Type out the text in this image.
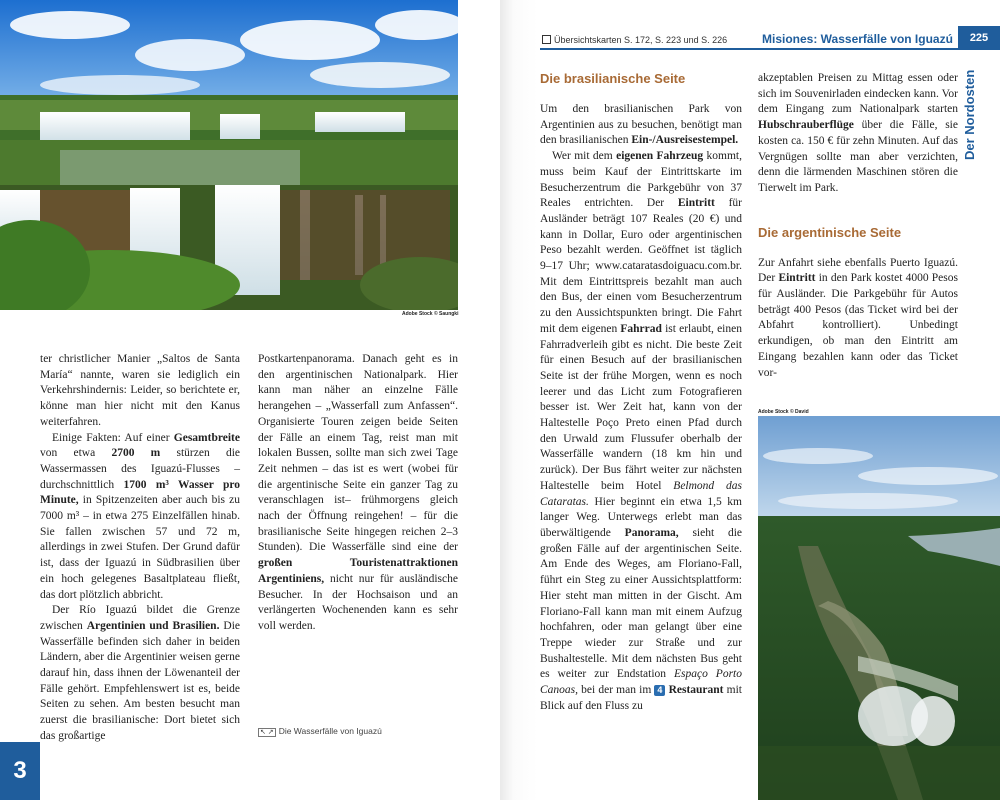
Adobe Stock © Saungki

ter christlicher Manier „Saltos de Santa María“ nannte, waren sie lediglich ein Verkehrshindernis: Leider, so berichtete er, könne man hier nicht mit den Kanus weiterfahren.

Einige Fakten: Auf einer Gesamtbreite von etwa 2700 m stürzen die Wassermassen des Iguazú-Flusses – durchschnittlich 1700 m³ Wasser pro Minute, in Spitzenzeiten aber auch bis zu 7000 m³ – in etwa 275 Einzelfällen hinab. Sie fallen zwischen 57 und 72 m, allerdings in zwei Stufen. Der Grund dafür ist, dass der Iguazú in Südbrasilien über ein hoch gelegenes Basaltplateau fließt, das dort plötzlich abbricht.

Der Río Iguazú bildet die Grenze zwischen Argentinien und Brasilien. Die Wasserfälle befinden sich daher in beiden Ländern, aber die Argentinier weisen gerne darauf hin, dass ihnen der Löwenanteil der Fälle gehört. Empfehlenswert ist es, beide Seiten zu sehen. Am besten besucht man zuerst die brasilianische: Dort bietet sich das großartige

Postkartenpanorama. Danach geht es in den argentinischen Nationalpark. Hier kann man näher an einzelne Fälle herangehen – „Wasserfall zum Anfassen“. Organisierte Touren zeigen beide Seiten der Fälle an einem Tag, reist man mit lokalen Bussen, sollte man sich zwei Tage Zeit nehmen – das ist es wert (wobei für die argentinische Seite ein ganzer Tag zu veranschlagen ist– frühmorgens gleich nach der Öffnung reingehen! – für die brasilianische Seite hingegen reichen 2–3 Stunden). Die Wasserfälle sind eine der großen Touristenattraktionen Argentiniens, nicht nur für ausländische Besucher. In der Hochsaison und an verlängerten Wochenenden kann es sehr voll werden.

↖ ↗ Die Wasserfälle von Iguazú
3
Übersichtskarten S. 172, S. 223 und S. 226	Misiones: Wasserfälle von Iguazú 225
Der Nordosten
Die brasilianische Seite

Um den brasilianischen Park von Argentinien aus zu besuchen, benötigt man den brasilianischen Ein-/Ausreisestempel.

Wer mit dem eigenen Fahrzeug kommt, muss beim Kauf der Eintrittskarte im Besucherzentrum die Parkgebühr von 37 Reales entrichten. Der Eintritt für Ausländer beträgt 107 Reales (20 €) und kann in Dollar, Euro oder argentinischen Peso bezahlt werden. Geöffnet ist täglich 9–17 Uhr; www.cataratasdoiguacu.com.br. Mit dem Eintrittspreis bezahlt man auch den Bus, der einen vom Besucherzentrum zu den Aussichtspunkten bringt. Die Fahrt mit dem eigenen Fahrrad ist erlaubt, einen Fahrradverleih gibt es nicht. Die beste Zeit für einen Besuch auf der brasilianischen Seite ist der frühe Morgen, wenn es noch leerer und das Licht zum Fotografieren besser ist. Wer Zeit hat, kann von der Haltestelle Poço Preto einen Pfad durch den Urwald zum Flussufer oberhalb der Wasserfälle wandern (18 km hin und zurück). Der Bus fährt weiter zur nächsten Haltestelle beim Hotel Belmond das Cataratas. Hier beginnt ein etwa 1,5 km langer Weg. Unterwegs erlebt man das überwältigende Panorama, sieht die großen Fälle auf der argentinischen Seite. Am Ende des Weges, am Floriano-Fall, führt ein Steg zu einer Aussichtsplattform: Hier steht man mitten in der Gischt. Am Floriano-Fall kann man mit einem Aufzug hochfahren, oder man gelangt über eine Treppe wieder zur Straße und zur Bushaltestelle. Mit dem nächsten Bus geht es weiter zur Endstation Espaço Porto Canoas, bei der man im 4 Restaurant mit Blick auf den Fluss zu

akzeptablen Preisen zu Mittag essen oder sich im Souvenirladen eindecken kann. Vor dem Eingang zum Nationalpark starten Hubschrauberflüge über die Fälle, sie kosten ca. 150 € für zehn Minuten. Auf das Vergnügen sollte man aber verzichten, denn die lärmenden Maschinen stören die Tierwelt im Park.

Die argentinische Seite

Zur Anfahrt siehe ebenfalls Puerto Iguazú. Der Eintritt in den Park kostet 4000 Pesos für Ausländer. Die Parkgebühr für Autos beträgt 400 Pesos (das Ticket wird bei der Abfahrt kontrolliert). Unbedingt erkundigen, ob man den Eintritt am Eingang bezahlen kann oder das Ticket vor-

Adobe Stock © David
